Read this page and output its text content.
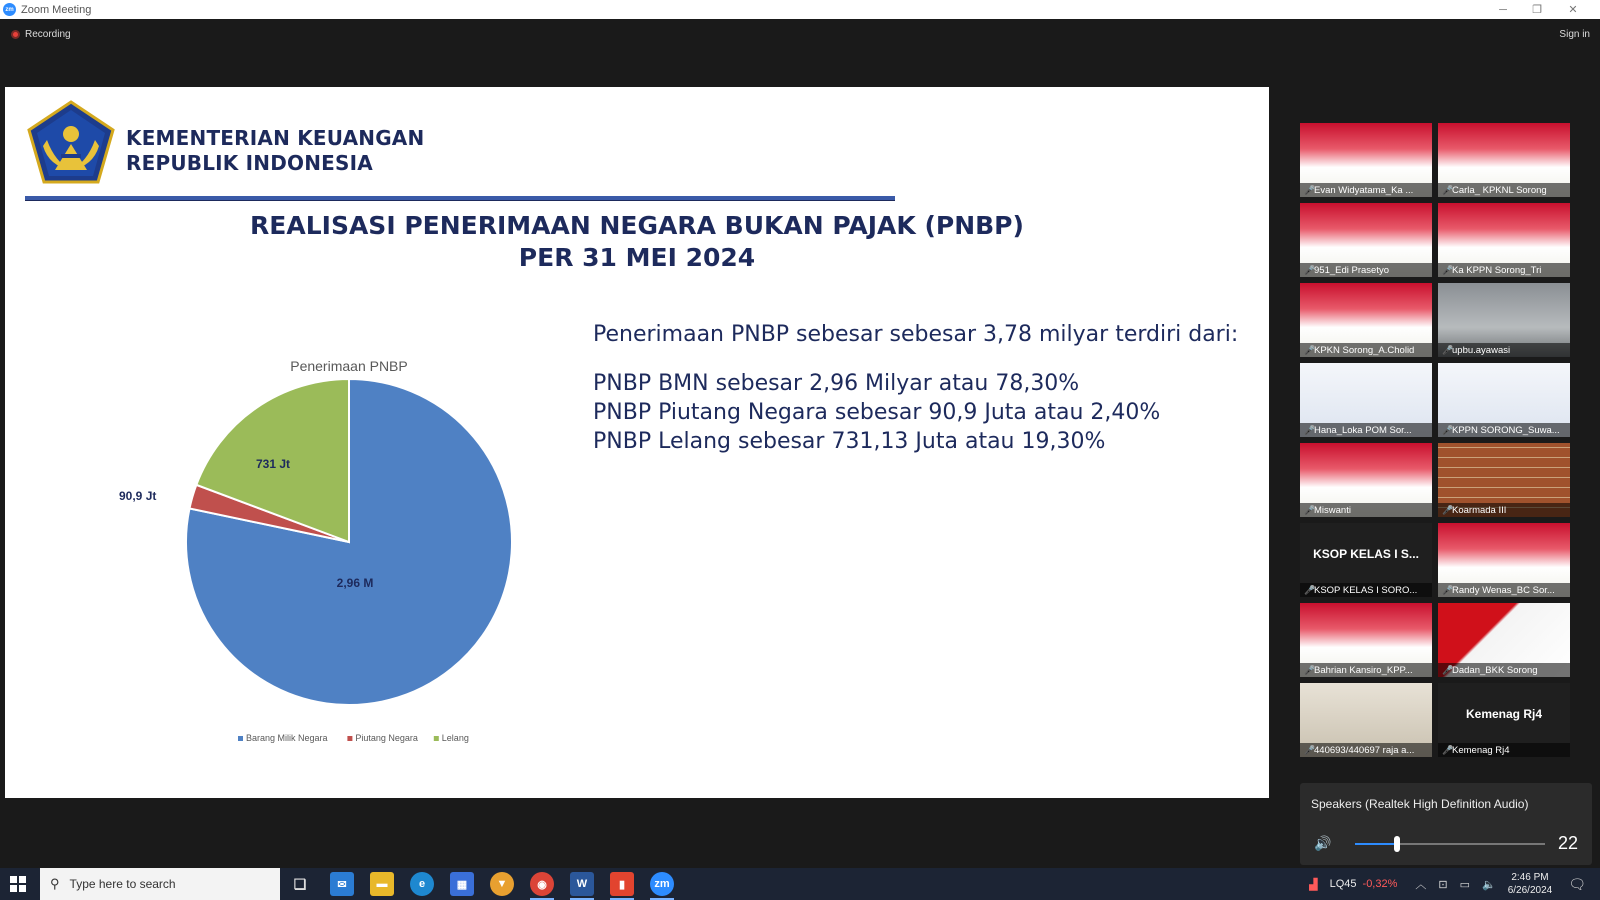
zm Zoom Meeting	─	❐	✕
Recording	Sign in
KEMENTERIAN KEUANGAN
REPUBLIK INDONESIA
REALISASI PENERIMAAN NEGARA BUKAN PAJAK (PNBP)
PER 31 MEI 2024
Penerimaan PNBP
2,96 M
90,9 Jt
731 Jt
Barang Milik Negara	Piutang Negara	Lelang
Penerimaan PNBP sebesar sebesar 3,78 milyar terdiri dari:
PNBP BMN sebesar 2,96 Milyar atau 78,30%
PNBP Piutang Negara sebesar 90,9 Juta atau 2,40%
PNBP Lelang sebesar 731,13 Juta atau 19,30%
🎤Evan Widyatama_Ka ...	🎤Carla_ KPKNL Sorong
🎤951_Edi Prasetyo	🎤Ka KPPN Sorong_Tri
🎤KPKN Sorong_A.Cholid	🎤upbu.ayawasi
🎤Hana_Loka POM Sor...	🎤KPPN SORONG_Suwa...
🎤Miswanti	🎤Koarmada III
KSOP KELAS I S...
🎤KSOP KELAS I SORO...	🎤Randy Wenas_BC Sor...
🎤Bahrian Kansiro_KPP...	🎤Dadan_BKK Sorong
🎤440693/440697 raja a...
Kemenag Rj4
🎤Kemenag Rj4
Speakers (Realtek High Definition Audio)
🔊	22
⚲ Type here to search	❏	✉	▬	e	▦	▼	◉	W	▮	zm	▟ LQ45 -0,32% ︿ ⊡ ▭ 🔈
2:46 PM
6/26/2024 🗨
